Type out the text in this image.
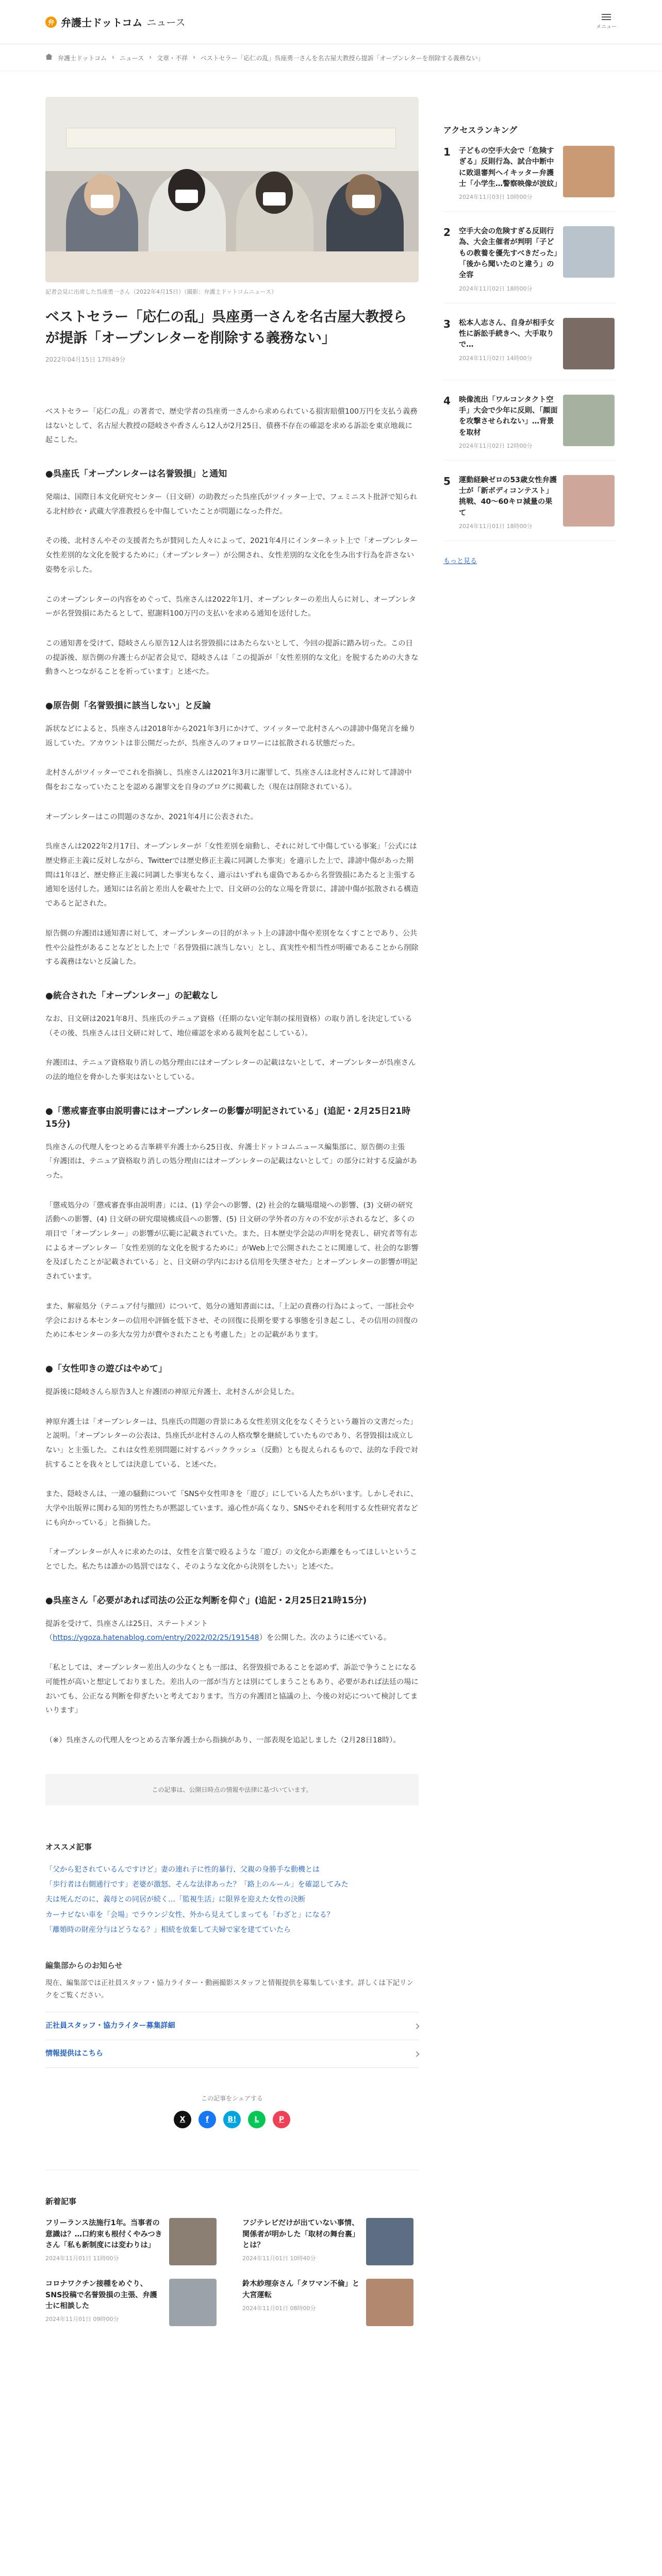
弁 弁護士ドットコム ニュース	メニュー
弁護士ドットコム › ニュース › 文章・不祥 › ベストセラー「応仁の乱」呉座勇一さんを名古屋大教授ら提訴「オープンレターを削除する義務ない」

記者会見に出席した呉座勇一さん（2022年4月15日）（撮影：弁護士ドットコムニュース）

ベストセラー「応仁の乱」呉座勇一さんを名古屋大教授らが提訴「オープンレターを削除する義務ない」

2022年04月15日 17時49分

ベストセラー「応仁の乱」の著者で、歴史学者の呉座勇一さんから求められている損害賠償100万円を支払う義務はないとして、名古屋大教授の隠岐さや香さんら12人が2月25日、債務不存在の確認を求める訴訟を東京地裁に起こした。

●呉座氏「オープンレターは名誉毀損」と通知

発端は、国際日本文化研究センター（日文研）の助教だった呉座氏がツイッター上で、フェミニスト批評で知られる北村紗衣・武蔵大学准教授らを中傷していたことが問題になった件だ。

その後、北村さんやその支援者たちが賛同した人々によって、2021年4月にインターネット上で「オープンレター 女性差別的な文化を脱するために」（オープンレター）が公開され、女性差別的な文化を生み出す行為を許さない姿勢を示した。

このオープンレターの内容をめぐって、呉座さんは2022年1月、オープンレターの差出人らに対し、オープンレターが名誉毀損にあたるとして、慰謝料100万円の支払いを求める通知を送付した。

この通知書を受けて、隠岐さんら原告12人は名誉毀損にはあたらないとして、今回の提訴に踏み切った。この日の提訴後、原告側の弁護士らが記者会見で、隠岐さんは「この提訴が「女性差別的な文化」を脱するための大きな動きへとつながることを祈っています」と述べた。

●原告側「名誉毀損に該当しない」と反論

訴状などによると、呉座さんは2018年から2021年3月にかけて、ツイッターで北村さんへの誹謗中傷発言を繰り返していた。アカウントは非公開だったが、呉座さんのフォロワーには拡散される状態だった。

北村さんがツイッターでこれを指摘し、呉座さんは2021年3月に謝罪して、呉座さんは北村さんに対して誹謗中傷をおこなっていたことを認める謝罪文を自身のブログに掲載した（現在は削除されている）。

オープンレターはこの問題のさなか、2021年4月に公表された。

呉座さんは2022年2月17日、オープンレターが「女性差別を扇動し、それに対して中傷している事案」「公式には歴史修正主義に反対しながら、Twitterでは歴史修正主義に同調した事実」を適示した上で、誹謗中傷があった期間は1年ほど、歴史修正主義に同調した事実もなく、適示はいずれも虚偽であるから名誉毀損にあたると主張する通知を送付した。通知には名前と差出人を載せた上で、日文研の公的な立場を背景に、誹謗中傷が拡散される構造であると記された。

原告側の弁護団は通知書に対して、オープンレターの目的がネット上の誹謗中傷や差別をなくすことであり、公共性や公益性があることなどとした上で「名誉毀損に該当しない」とし、真実性や相当性が明確であることから削除する義務はないと反論した。

●統合された「オープンレター」の記載なし

なお、日文研は2021年8月、呉座氏のテニュア資格（任期のない定年制の採用資格）の取り消しを決定している（その後、呉座さんは日文研に対して、地位確認を求める裁判を起こしている）。

弁護団は、テニュア資格取り消しの処分理由にはオープンレターの記載はないとして、オープンレターが呉座さんの法的地位を脅かした事実はないとしている。

●「懲戒審査事由説明書にはオープンレターの影響が明記されている」(追記・2月25日21時15分)

呉座さんの代理人をつとめる吉峯耕平弁護士から25日夜、弁護士ドットコムニュース編集部に、原告側の主張「弁護団は、テニュア資格取り消しの処分理由にはオープンレターの記載はないとして」の部分に対する反論があった。

「懲戒処分の「懲戒審査事由説明書」には、(1) 学会への影響、(2) 社会的な職場環境への影響、(3) 文研の研究活動への影響、(4) 日文研の研究環境構成員への影響、(5) 日文研の学外者の方々の不安が示されるなど、多くの項目で「オープンレター」の影響が広範に記載されていた。また、日本歴史学会誌の声明を発表し、研究者等有志によるオープンレター「女性差別的な文化を脱するために」がWeb上で公開されたことに関連して、社会的な影響を及ぼしたことが記載されている」と、日文研の学内における信用を失墜させた」とオープンレターの影響が明記されています。

また、解雇処分（テニュア付与撤回）について、処分の通知書面には、「上記の責務の行為によって、一部社会や学会における本センターの信用や評価を低下させ、その回復に長期を要する事態を引き起こし、その信用の回復のために本センターの多大な労力が費やされたことも考慮した」との記載があります。

●「女性叩きの遊びはやめて」

提訴後に隠岐さんら原告3人と弁護団の神原元弁護士、北村さんが会見した。

神原弁護士は「オープンレターは、呉座氏の問題の背景にある女性差別文化をなくそうという趣旨の文書だった」と説明。「オープンレターの公表は、呉座氏が北村さんの人格攻撃を継続していたものであり、名誉毀損は成立しない」と主張した。これは女性差別問題に対するバックラッシュ（反動）とも捉えられるもので、法的な手段で対抗することを我々としては決意している、と述べた。

また、隠岐さんは、一連の騒動について「SNSや女性叩きを「遊び」にしている人たちがいます。しかしそれに、大学や出版界に関わる知的男性たちが黙認しています。遠心性が高くなり、SNSやそれを利用する女性研究者などにも向かっている」と指摘した。

「オープンレターが人々に求めたのは、女性を言葉で殴るような「遊び」の文化から距離をもってほしいということでした。私たちは誰かの処罰ではなく、そのような文化から決別をしたい」と述べた。

●呉座さん「必要があれば司法の公正な判断を仰ぐ」(追記・2月25日21時15分)

提訴を受けて、呉座さんは25日、ステートメント（https://ygoza.hatenablog.com/entry/2022/02/25/191548）を公開した。次のように述べている。

「私としては、オープンレター差出人の少なくとも一部は、名誉毀損であることを認めず、訴訟で争うことになる可能性が高いと想定しておりました。差出人の一部が当方とは別にてしまうこともあり、必要があれば法廷の場においても、公正なる判断を仰ぎたいと考えております。当方の弁護団と協議の上、今後の対応について検討してまいります」

（※）呉座さんの代理人をつとめる吉峯弁護士から指摘があり、一部表現を追記しました（2月28日18時）。

この記事は、公開日時点の情報や法律に基づいています。
オススメ記事
「父から犯されているんですけど」妻の連れ子に性的暴行、父親の身勝手な動機とは
「歩行者は右側通行です」老婆が激怒、そんな法律あった？「路上のルール」を確認してみた
夫は死んだのに、義母との同居が続く…「監視生活」に限界を迎えた女性の決断
カーナビない車を「会場」でラウンジ女性、外から見えてしまっても「わざと」になる？
「離婚時の財産分与はどうなる？」相続を放棄して夫婦で家を建てていたら
編集部からのお知らせ

現在、編集部では正社員スタッフ・協力ライター・動画撮影スタッフと情報提供を募集しています。詳しくは下記リンクをご覧ください。

正社員スタッフ・協力ライター募集詳細
情報提供はこちら

この記事をシェアする

X	f	B!	L	P
新着記事
フリーランス法施行1年。当事者の意識は？…口約束も根付くやみつきさん「私も新制度には変わりは」
2024年11月01日 11時00分
フジテレビだけが出ていない事情、関係者が明かした「取材の舞台裏」とは？
2024年11月01日 10時40分
コロナワクチン接種をめぐり、SNS投稿で名誉毀損の主張、弁護士に相談した
2024年11月01日 09時00分
鈴木紗理奈さん「タワマン不倫」と大宮運転
2024年11月01日 08時00分
アクセスランキング
1	子どもの空手大会で「危険すぎる」反則行為、試合中断中に敗退審判へイキッター弁護士「小学生…警察映像が波紋」
2024年11月03日 10時00分
2	空手大会の危険すぎる反則行為、大会主催者が判明「子どもの教養を優先すべきだった」「後から聞いたのと違う」の全容
2024年11月02日 18時00分
3	松本人志さん、自身が相手女性に訴訟手続きへ、大手取りで…
2024年11月02日 14時00分
4	映像流出「ワルコンタクト空手」大会で少年に反則、「顔面を攻撃させられない」…背景を取材
2024年11月02日 12時00分
5	運動経験ゼロの53歳女性弁護士が「新ボディコンテスト」挑戦、40〜60キロ減量の果て
2024年11月01日 18時00分
もっと見る
